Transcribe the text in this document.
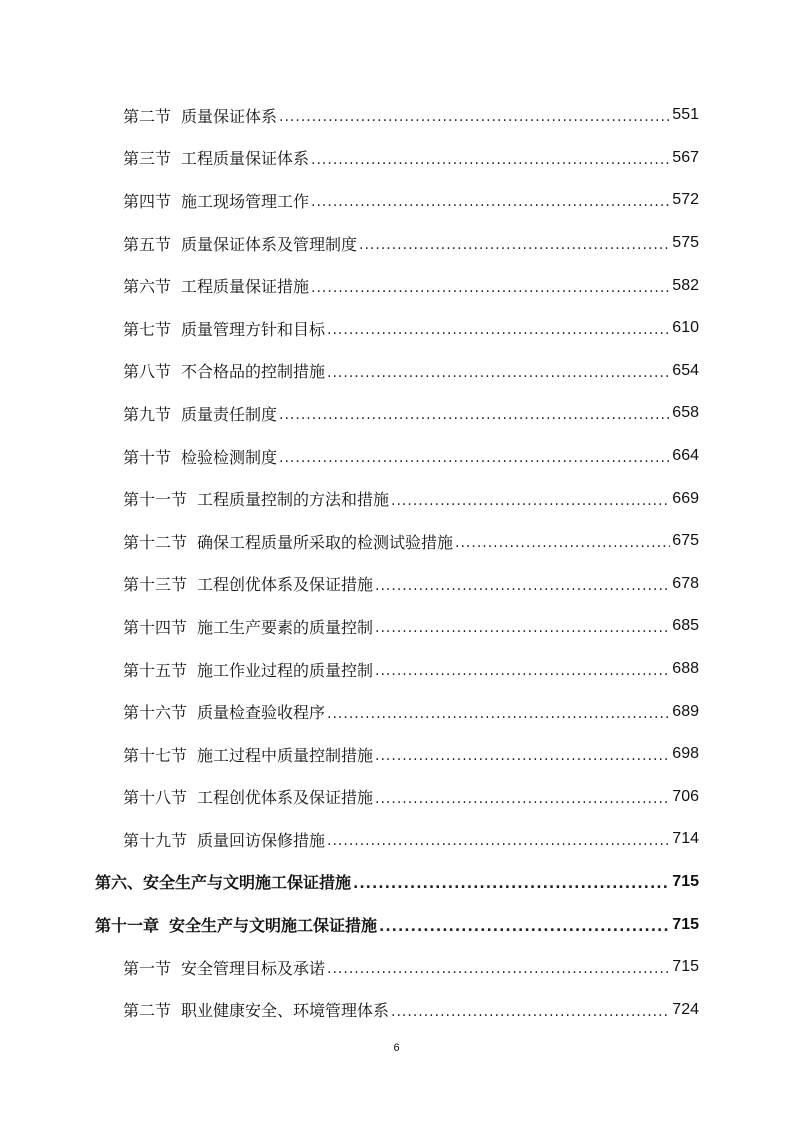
第二节 质量保证体系 .....	551
第三节 工程质量保证体系 .....	567
第四节 施工现场管理工作 .....	572
第五节 质量保证体系及管理制度 .....	575
第六节 工程质量保证措施 .....	582
第七节 质量管理方针和目标 .....	610
第八节 不合格品的控制措施 .....	654
第九节 质量责任制度 .....	658
第十节 检验检测制度 .....	664
第十一节 工程质量控制的方法和措施 .....	669
第十二节 确保工程质量所采取的检测试验措施 .....	675
第十三节 工程创优体系及保证措施 .....	678
第十四节 施工生产要素的质量控制 .....	685
第十五节 施工作业过程的质量控制 .....	688
第十六节 质量检查验收程序 .....	689
第十七节 施工过程中质量控制措施 .....	698
第十八节 工程创优体系及保证措施 .....	706
第十九节 质量回访保修措施 .....	714
第六、安全生产与文明施工保证措施 .....	715
第十一章 安全生产与文明施工保证措施 .....	715
第一节 安全管理目标及承诺 .....	715
第二节 职业健康安全、环境管理体系 .....	724
6
